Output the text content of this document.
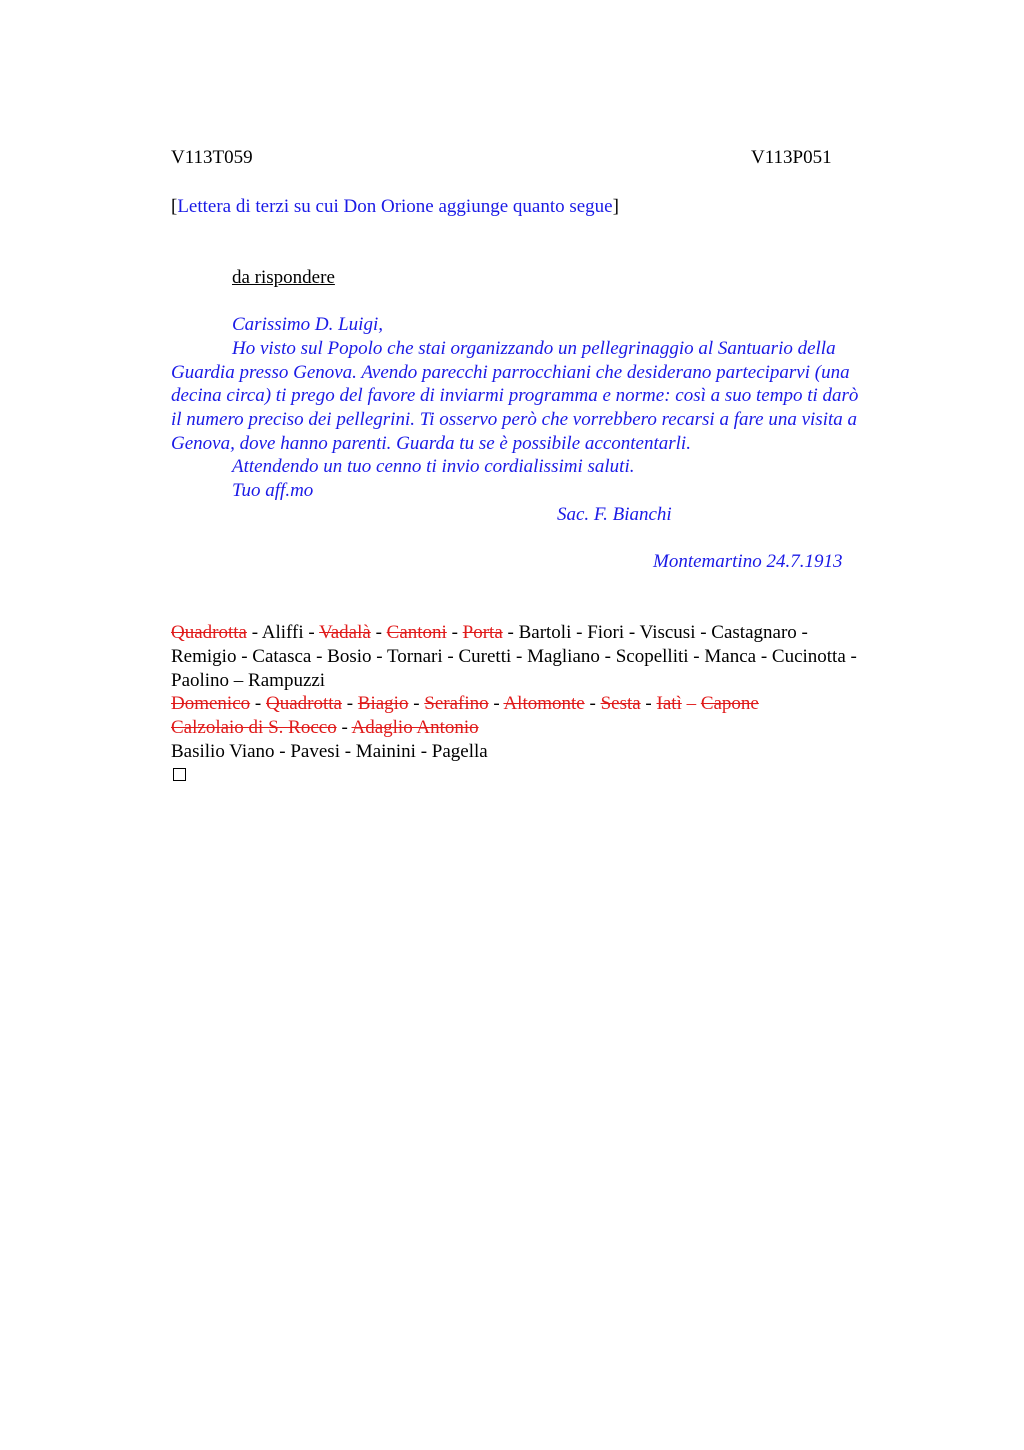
V113T059	V113P051
[Lettera di terzi su cui Don Orione aggiunge quanto segue]
da rispondere
Carissimo D. Luigi,
Ho visto sul Popolo che stai organizzando un pellegrinaggio al Santuario della
Guardia presso Genova. Avendo parecchi parrocchiani che desiderano parteciparvi (una
decina circa) ti prego del favore di inviarmi programma e norme: così a suo tempo ti darò
il numero preciso dei pellegrini. Ti osservo però che vorrebbero recarsi a fare una visita a
Genova, dove hanno parenti. Guarda tu se è possibile accontentarli.
Attendendo un tuo cenno ti invio cordialissimi saluti.
Tuo aff.mo
Sac. F. Bianchi
Montemartino 24.7.1913
Quadrotta - Aliffi - Vadalà - Cantoni - Porta - Bartoli - Fiori - Viscusi - Castagnaro -
Remigio - Catasca - Bosio - Tornari - Curetti - Magliano - Scopelliti - Manca - Cucinotta -
Paolino – Rampuzzi
Domenico - Quadrotta - Biagio - Serafino - Altomonte - Sesta - Iatì – Capone
Calzolaio di S. Rocco - Adaglio Antonio
Basilio Viano - Pavesi - Mainini - Pagella
